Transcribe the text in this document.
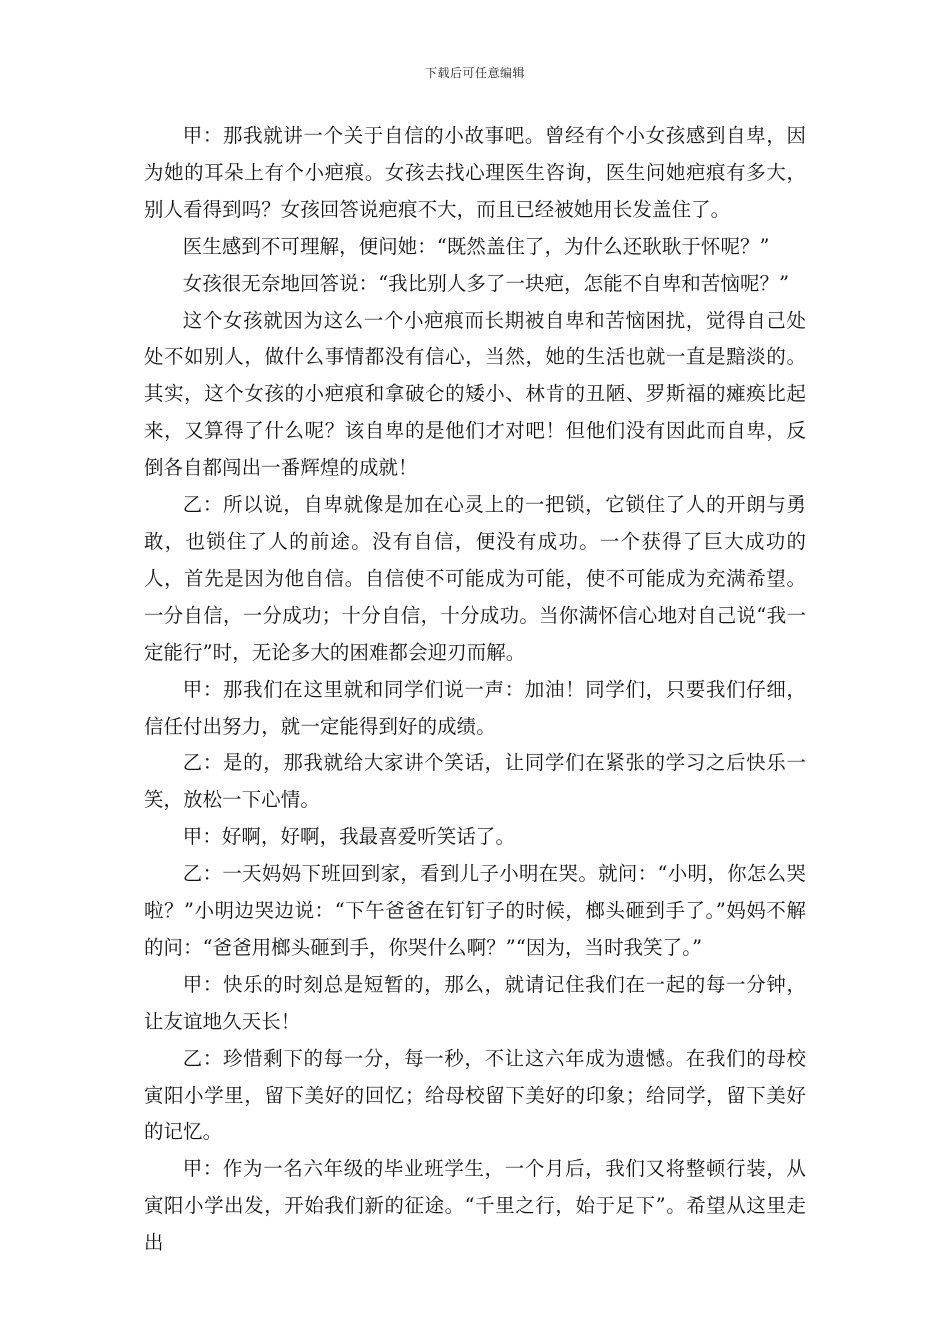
下载后可任意编辑

甲：那我就讲一个关于自信的小故事吧。曾经有个小女孩感到自卑，因为她的耳朵上有个小疤痕。女孩去找心理医生咨询，医生问她疤痕有多大，别人看得到吗？女孩回答说疤痕不大，而且已经被她用长发盖住了。

医生感到不可理解，便问她：“既然盖住了，为什么还耿耿于怀呢？”

女孩很无奈地回答说：“我比别人多了一块疤，怎能不自卑和苦恼呢？”

这个女孩就因为这么一个小疤痕而长期被自卑和苦恼困扰，觉得自己处处不如别人，做什么事情都没有信心，当然，她的生活也就一直是黯淡的。其实，这个女孩的小疤痕和拿破仑的矮小、林肯的丑陋、罗斯福的瘫痪比起来，又算得了什么呢？该自卑的是他们才对吧！但他们没有因此而自卑，反倒各自都闯出一番辉煌的成就！

乙：所以说，自卑就像是加在心灵上的一把锁，它锁住了人的开朗与勇敢，也锁住了人的前途。没有自信，便没有成功。一个获得了巨大成功的人，首先是因为他自信。自信使不可能成为可能，使不可能成为充满希望。一分自信，一分成功；十分自信，十分成功。当你满怀信心地对自己说“我一定能行”时，无论多大的困难都会迎刃而解。

甲：那我们在这里就和同学们说一声：加油！同学们，只要我们仔细，信任付出努力，就一定能得到好的成绩。

乙：是的，那我就给大家讲个笑话，让同学们在紧张的学习之后快乐一笑，放松一下心情。

甲：好啊，好啊，我最喜爱听笑话了。

乙：一天妈妈下班回到家，看到儿子小明在哭。就问：“小明，你怎么哭啦？”小明边哭边说：“下午爸爸在钉钉子的时候，榔头砸到手了。”妈妈不解的问：“爸爸用榔头砸到手，你哭什么啊？”“因为，当时我笑了。”

甲：快乐的时刻总是短暂的，那么，就请记住我们在一起的每一分钟，让友谊地久天长！

乙：珍惜剩下的每一分，每一秒，不让这六年成为遗憾。在我们的母校寅阳小学里，留下美好的回忆；给母校留下美好的印象；给同学，留下美好的记忆。

甲：作为一名六年级的毕业班学生，一个月后，我们又将整顿行装，从寅阳小学出发，开始我们新的征途。“千里之行，始于足下”。希望从这里走出
